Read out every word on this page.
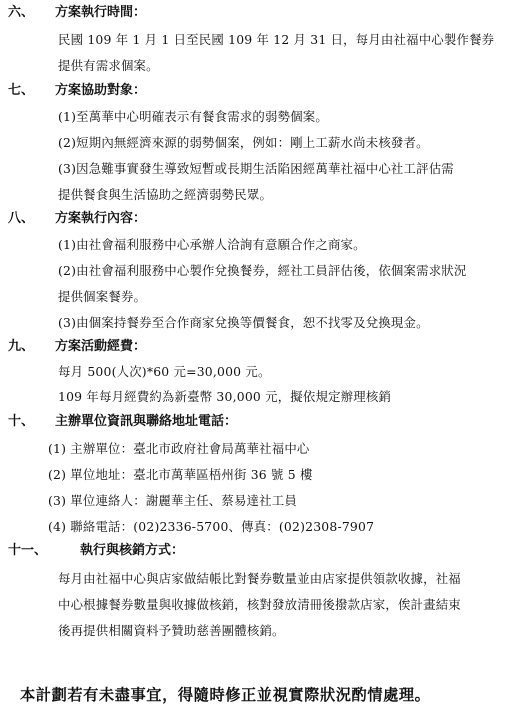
六、 方案執行時間：
民國 109 年 1 月 1 日至民國 109 年 12 月 31 日，每月由社福中心製作餐券
提供有需求個案。
七、 方案協助對象：
(1)至萬華中心明確表示有餐食需求的弱勢個案。
(2)短期內無經濟來源的弱勢個案，例如：剛上工薪水尚未核發者。
(3)因急難事實發生導致短暫或長期生活陷困經萬華社福中心社工評估需
提供餐食與生活協助之經濟弱勢民眾。
八、 方案執行內容：
(1)由社會福利服務中心承辦人洽詢有意願合作之商家。
(2)由社會福利服務中心製作兌換餐券，經社工員評估後，依個案需求狀況
提供個案餐券。
(3)由個案持餐券至合作商家兌換等價餐食，恕不找零及兌換現金。
九、 方案活動經費：
每月 500(人次)*60 元=30,000 元。
109 年每月經費約為新臺幣 30,000 元，擬依規定辦理核銷
十、 主辦單位資訊與聯絡地址電話：
(1) 主辦單位：臺北市政府社會局萬華社福中心
(2) 單位地址：臺北市萬華區梧州街 36 號 5 樓
(3) 單位連絡人：謝麗華主任、蔡易達社工員
(4) 聯絡電話：(02)2336-5700、傳真：(02)2308-7907
十一、	執行與核銷方式：
每月由社福中心與店家做結帳比對餐券數量並由店家提供領款收據，社福
中心根據餐券數量與收據做核銷，核對發放清冊後撥款店家，俟計畫結束
後再提供相關資料予贊助慈善團體核銷。
本計劃若有未盡事宜，得隨時修正並視實際狀況酌情處理。
